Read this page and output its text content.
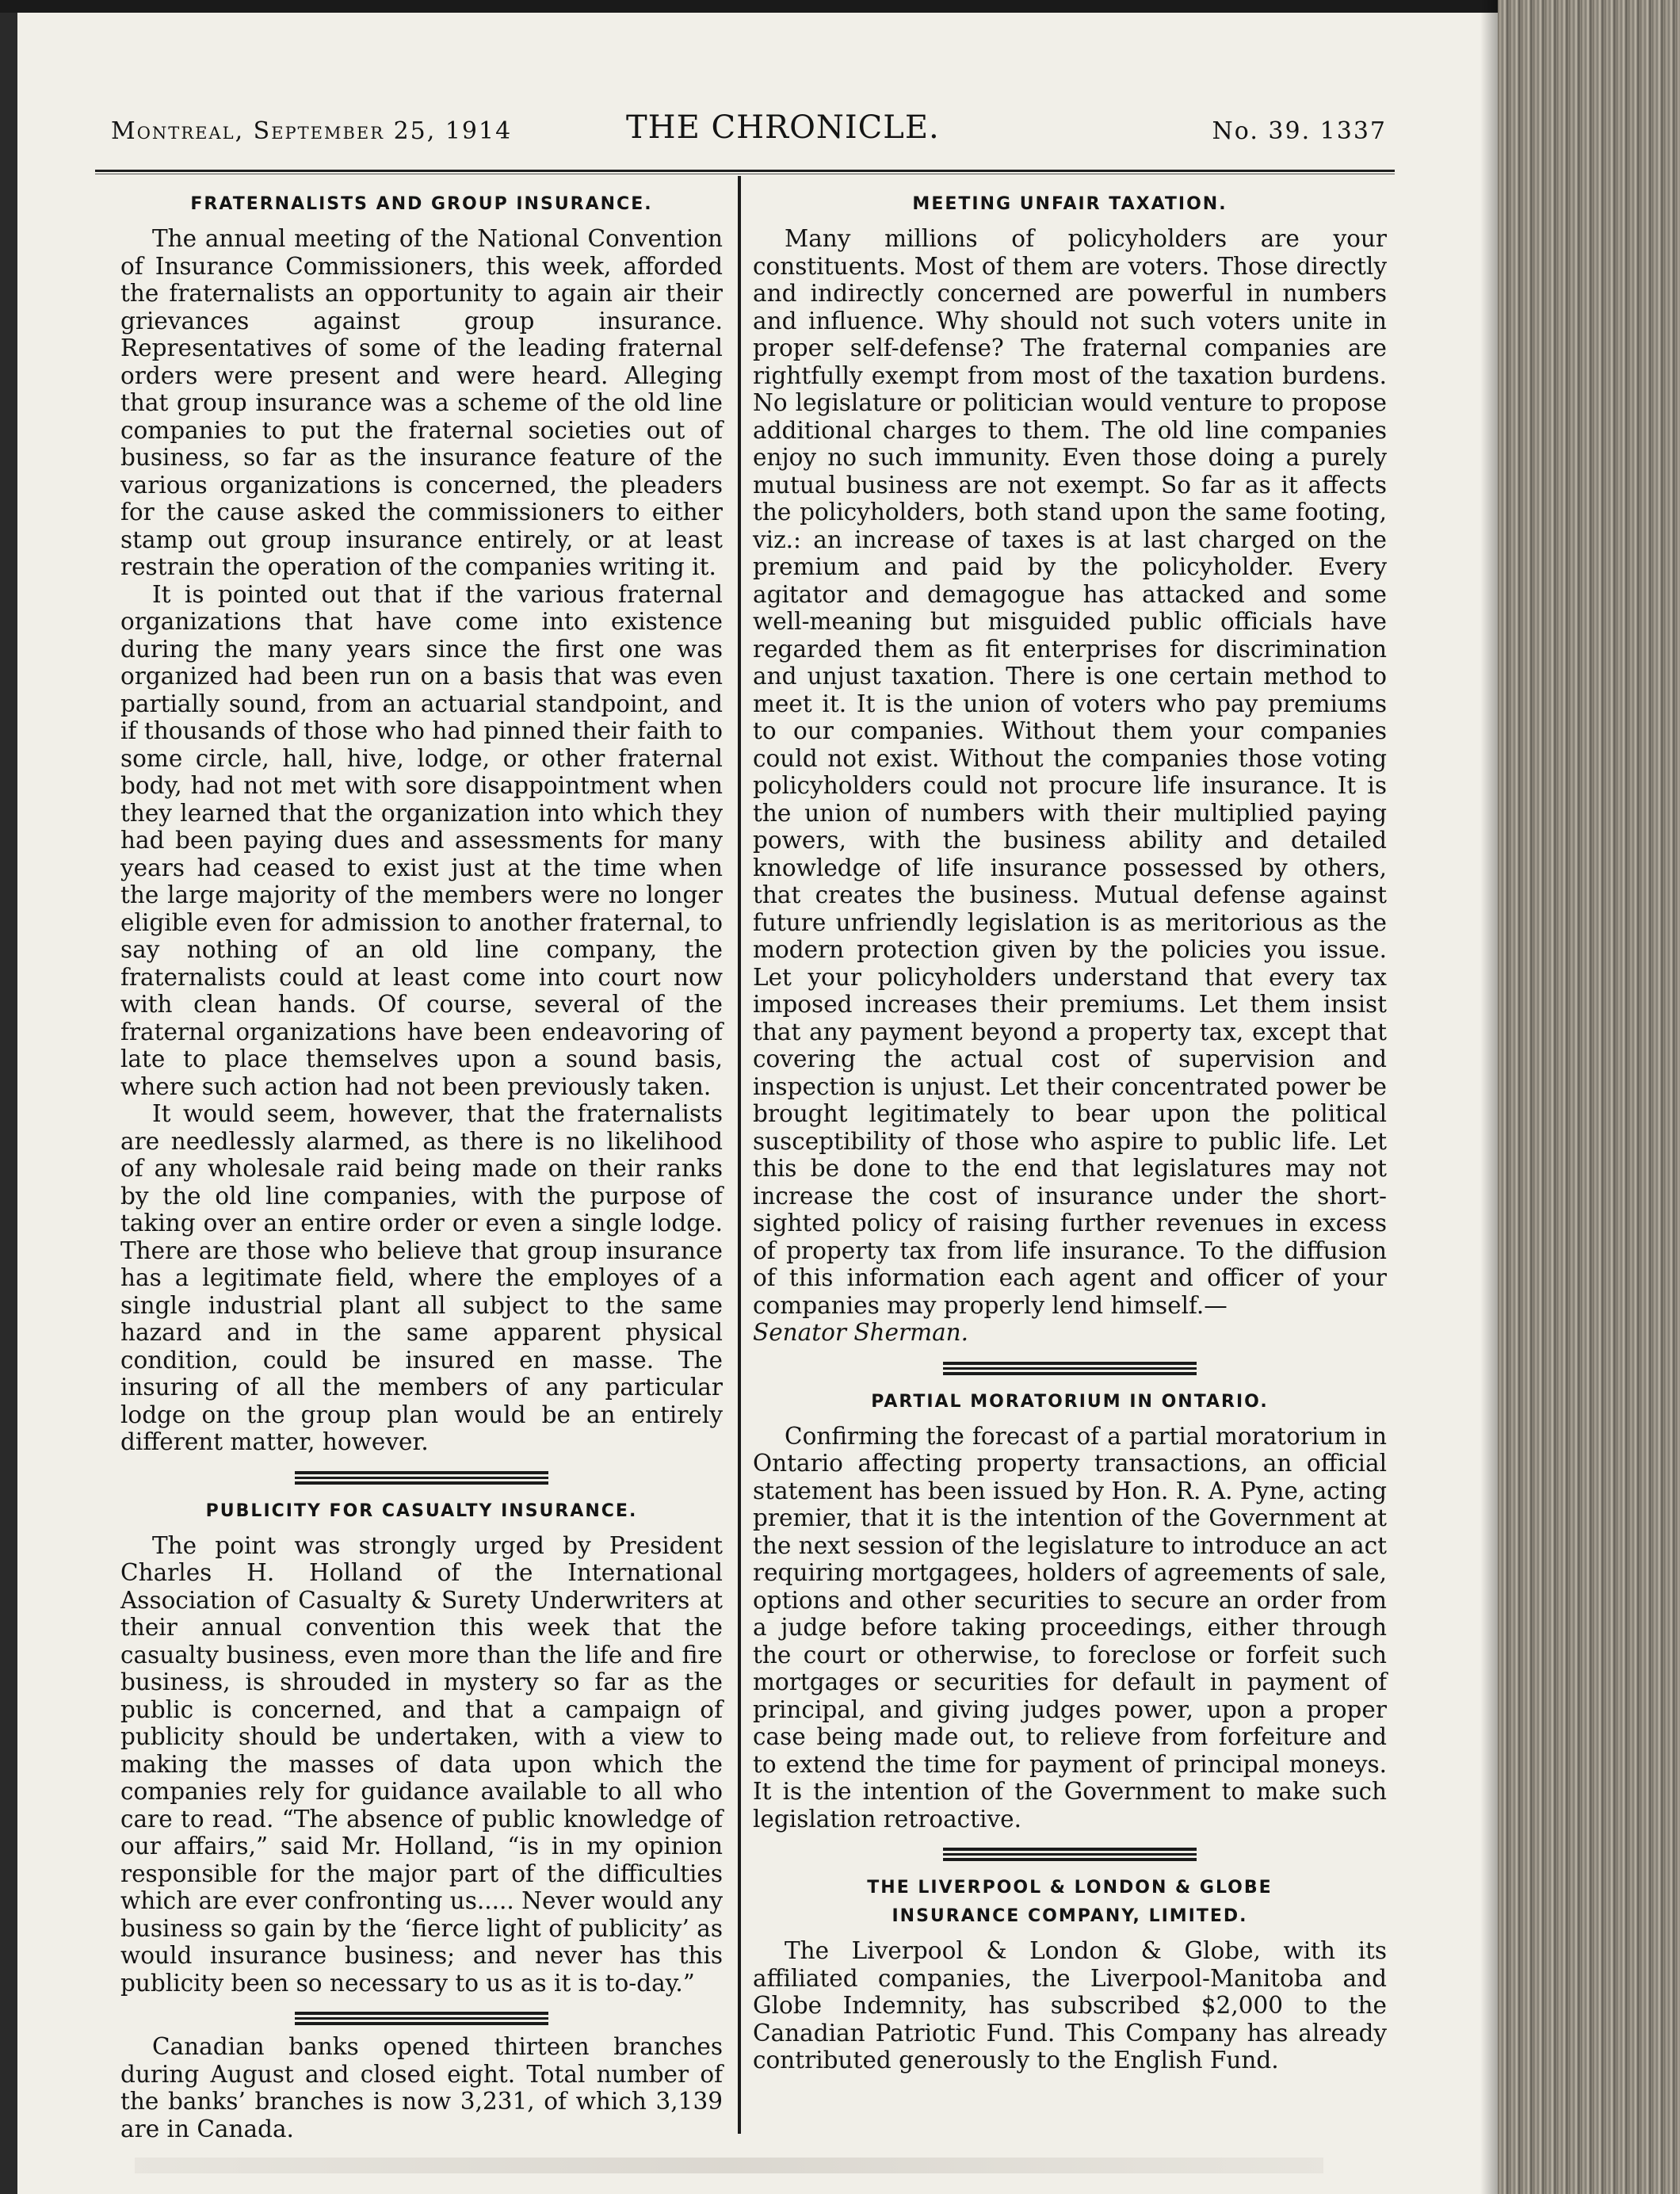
Montreal, September 25, 1914	THE CHRONICLE.	No. 39. 1337
FRATERNALISTS AND GROUP INSURANCE.

The annual meeting of the National Convention of Insurance Commissioners, this week, afforded the fraternalists an opportunity to again air their grievances against group insurance. Representatives of some of the leading fraternal orders were present and were heard. Alleging that group insurance was a scheme of the old line companies to put the fraternal societies out of business, so far as the insurance feature of the various organizations is concerned, the pleaders for the cause asked the commissioners to either stamp out group insurance entirely, or at least restrain the operation of the companies writing it.

It is pointed out that if the various fraternal organizations that have come into existence during the many years since the first one was organized had been run on a basis that was even partially sound, from an actuarial standpoint, and if thousands of those who had pinned their faith to some circle, hall, hive, lodge, or other fraternal body, had not met with sore disappointment when they learned that the organization into which they had been paying dues and assessments for many years had ceased to exist just at the time when the large majority of the members were no longer eligible even for admission to another fraternal, to say nothing of an old line company, the fraternalists could at least come into court now with clean hands. Of course, several of the fraternal organizations have been endeavoring of late to place themselves upon a sound basis, where such action had not been previously taken.

It would seem, however, that the fraternalists are needlessly alarmed, as there is no likelihood of any wholesale raid being made on their ranks by the old line companies, with the purpose of taking over an entire order or even a single lodge. There are those who believe that group insurance has a legitimate field, where the employes of a single industrial plant all subject to the same hazard and in the same apparent physical condition, could be insured en masse. The insuring of all the members of any particular lodge on the group plan would be an entirely different matter, however.

PUBLICITY FOR CASUALTY INSURANCE.

The point was strongly urged by President Charles H. Holland of the International Association of Casualty & Surety Underwriters at their annual convention this week that the casualty business, even more than the life and fire business, is shrouded in mystery so far as the public is concerned, and that a campaign of publicity should be undertaken, with a view to making the masses of data upon which the companies rely for guidance available to all who care to read. “The absence of public knowledge of our affairs,” said Mr. Holland, “is in my opinion responsible for the major part of the difficulties which are ever confronting us..... Never would any business so gain by the ‘fierce light of publicity’ as would insurance business; and never has this publicity been so necessary to us as it is to-day.”

Canadian banks opened thirteen branches during August and closed eight. Total number of the banks’ branches is now 3,231, of which 3,139 are in Canada.

MEETING UNFAIR TAXATION.

Many millions of policyholders are your constituents. Most of them are voters. Those directly and indirectly concerned are powerful in numbers and influence. Why should not such voters unite in proper self-defense? The fraternal companies are rightfully exempt from most of the taxation burdens. No legislature or politician would venture to propose additional charges to them. The old line companies enjoy no such immunity. Even those doing a purely mutual business are not exempt. So far as it affects the policyholders, both stand upon the same footing, viz.: an increase of taxes is at last charged on the premium and paid by the policyholder. Every agitator and demagogue has attacked and some well-meaning but misguided public officials have regarded them as fit enterprises for discrimination and unjust taxation. There is one certain method to meet it. It is the union of voters who pay premiums to our companies. Without them your companies could not exist. Without the companies those voting policyholders could not procure life insurance. It is the union of numbers with their multiplied paying powers, with the business ability and detailed knowledge of life insurance possessed by others, that creates the business. Mutual defense against future unfriendly legislation is as meritorious as the modern protection given by the policies you issue. Let your policyholders understand that every tax imposed increases their premiums. Let them insist that any payment beyond a property tax, except that covering the actual cost of supervision and inspection is unjust. Let their concentrated power be brought legitimately to bear upon the political susceptibility of those who aspire to public life. Let this be done to the end that legislatures may not increase the cost of insurance under the short-sighted policy of raising further revenues in excess of property tax from life insurance. To the diffusion of this information each agent and officer of your companies may properly lend himself.—

Senator Sherman.

PARTIAL MORATORIUM IN ONTARIO.

Confirming the forecast of a partial moratorium in Ontario affecting property transactions, an official statement has been issued by Hon. R. A. Pyne, acting premier, that it is the intention of the Government at the next session of the legislature to introduce an act requiring mortgagees, holders of agreements of sale, options and other securities to secure an order from a judge before taking proceedings, either through the court or otherwise, to foreclose or forfeit such mortgages or securities for default in payment of principal, and giving judges power, upon a proper case being made out, to relieve from forfeiture and to extend the time for payment of principal moneys. It is the intention of the Government to make such legislation retroactive.

THE LIVERPOOL & LONDON & GLOBE
INSURANCE COMPANY, LIMITED.

The Liverpool & London & Globe, with its affiliated companies, the Liverpool-Manitoba and Globe Indemnity, has subscribed $2,000 to the Canadian Patriotic Fund. This Company has already contributed generously to the English Fund.
